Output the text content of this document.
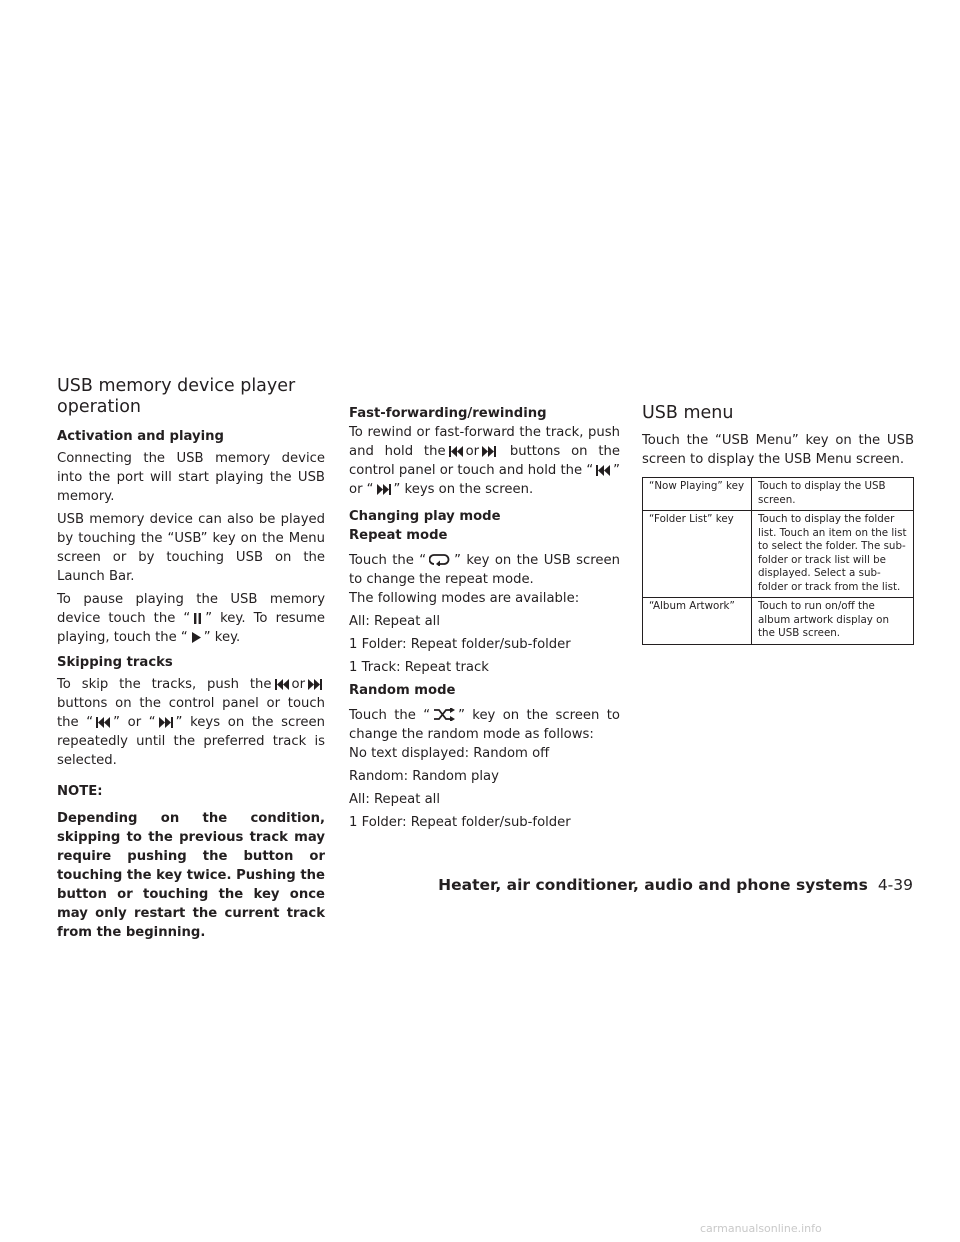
USB memory device player operation
Activation and playing

Connecting the USB memory device into the port will start playing the USB memory.

USB memory device can also be played by touching the “USB” key on the Menu screen or by touching USB on the Launch Bar.

To pause playing the USB memory device touch the “ ” key. To resume playing, touch the “ ” key.

Skipping tracks

To skip the tracks, push the or
buttons on the control panel or touch the “ ” or “ ” keys on the screen repeatedly until the preferred track is selected.

NOTE:

Depending on the condition, skipping to the previous track may require pushing the button or touching the key twice. Pushing the button or touching the key once may only restart the current track from the beginning.

Fast-forwarding/rewinding

To rewind or fast-forward the track, push and hold the or buttons on the control panel or touch and hold the “ ” or “ ” keys on the screen.

Changing play mode
Repeat mode

Touch the “ ” key on the USB screen to change the repeat mode.

The following modes are available:

All: Repeat all

1 Folder: Repeat folder/sub-folder

1 Track: Repeat track

Random mode

Touch the “ ” key on the screen to change the random mode as follows:

No text displayed: Random off

Random: Random play

All: Repeat all

1 Folder: Repeat folder/sub-folder

USB menu

Touch the “USB Menu” key on the USB screen to display the USB Menu screen.

“Now Playing” key	Touch to display the USB screen.
“Folder List” key	Touch to display the folder list. Touch an item on the list to select the folder. The sub-folder or track list will be displayed. Select a sub-folder or track from the list.
“Album Artwork”	Touch to run on/off the album artwork display on the USB screen.
Heater, air conditioner, audio and phone systems 4-39
carmanualsonline.info
